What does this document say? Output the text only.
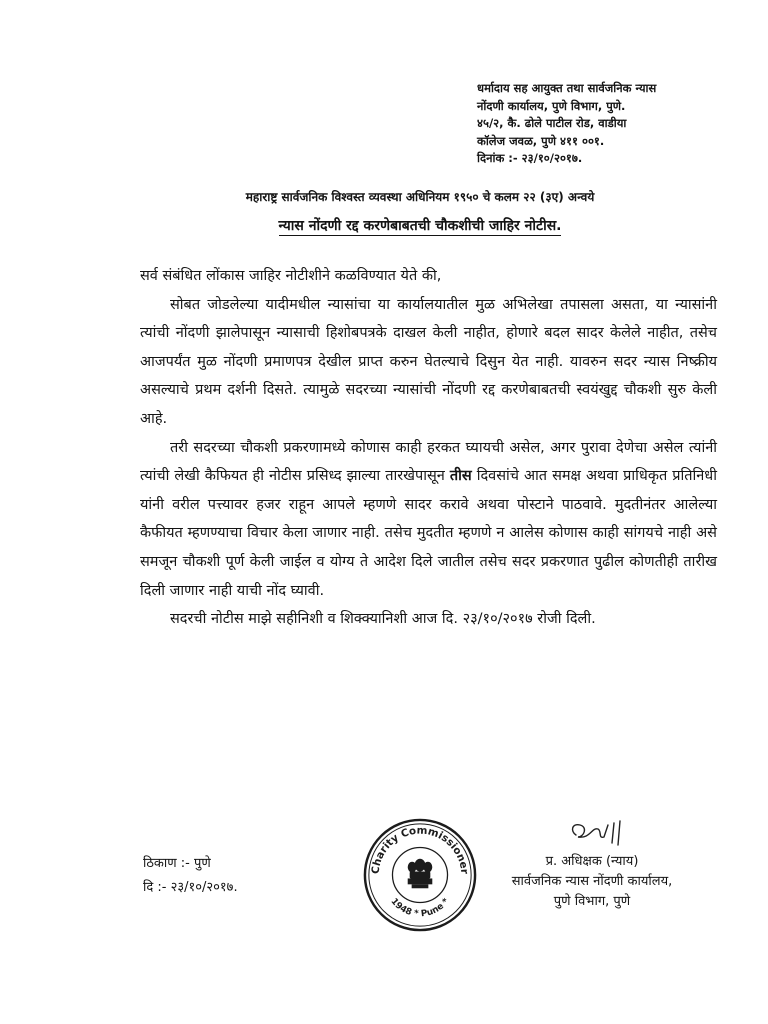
धर्मादाय सह आयुक्त तथा सार्वजनिक न्यास
नोंदणी कार्यालय, पुणे विभाग, पुणे.
४५/२, कै. ढोले पाटील रोड, वाडीया
कॉलेज जवळ, पुणे ४११ ००१.
दिनांक :- २३/१०/२०१७.
महाराष्ट्र सार्वजनिक विश्वस्त व्यवस्था अधिनियम १९५० चे कलम २२ (३ए) अन्वये
न्यास नोंदणी रद्द करणेबाबतची चौकशीची जाहिर नोटीस.

सर्व संबंधित लोंकास जाहिर नोटीशीने कळविण्यात येते की,

सोबत जोडलेल्या यादीमधील न्यासांचा या कार्यालयातील मुळ अभिलेखा तपासला असता, या न्यासांनी त्यांची नोंदणी झालेपासून न्यासाची हिशोबपत्रके दाखल केली नाहीत, होणारे बदल सादर केलेले नाहीत, तसेच आजपर्यंत मुळ नोंदणी प्रमाणपत्र देखील प्राप्त करुन घेतल्याचे दिसुन येत नाही. यावरुन सदर न्यास निष्क्रीय असल्याचे प्रथम दर्शनी दिसते. त्यामुळे सदरच्या न्यासांची नोंदणी रद्द करणेबाबतची स्वयंखुद्द चौकशी सुरु केली आहे.

तरी सदरच्या चौकशी प्रकरणामध्ये कोणास काही हरकत घ्यायची असेल, अगर पुरावा देणेचा असेल त्यांनी त्यांची लेखी कैफियत ही नोटीस प्रसिध्द झाल्या तारखेपासून तीस दिवसांचे आत समक्ष अथवा प्राधिकृत प्रतिनिधी यांनी वरील पत्त्यावर हजर राहून आपले म्हणणे सादर करावे अथवा पोस्टाने पाठवावे. मुदतीनंतर आलेल्या कैफीयत म्हणण्याचा विचार केला जाणार नाही. तसेच मुदतीत म्हणणे न आलेस कोणास काही सांगयचे नाही असे समजून चौकशी पूर्ण केली जाईल व योग्य ते आदेश दिले जातील तसेच सदर प्रकरणात पुढील कोणतीही तारीख दिली जाणार नाही याची नोंद घ्यावी.

सदरची नोटीस माझे सहीनिशी व शिक्क्यानिशी आज दि. २३/१०/२०१७ रोजी दिली.

ठिकाण :- पुणे
दि :- २३/१०/२०१७.
प्र. अधिक्षक (न्याय)
सार्वजनिक न्यास नोंदणी कार्यालय,
पुणे विभाग, पुणे
Charity Commissioner
1948 * Pune *
